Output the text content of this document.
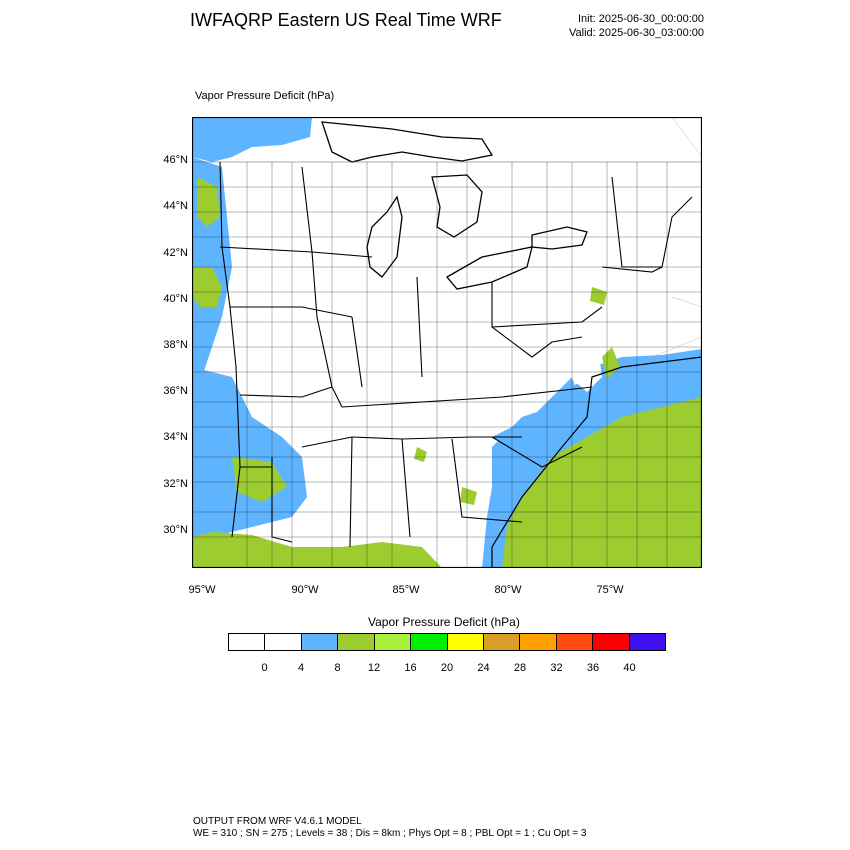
IWFAQRP Eastern US Real Time WRF	Init: 2025-06-30_00:00:00
Valid: 2025-06-30_03:00:00
Vapor Pressure Deficit (hPa)
46°N
44°N
42°N
40°N
38°N
36°N
34°N
32°N
30°N
95°W	90°W	85°W	80°W	75°W
Vapor Pressure Deficit (hPa)
0	4	8 12 16 20 24 28 32 36 40
OUTPUT FROM WRF V4.6.1 MODEL
WE = 310 ; SN = 275 ; Levels = 38 ; Dis = 8km ; Phys Opt = 8 ; PBL Opt = 1 ; Cu Opt = 3
